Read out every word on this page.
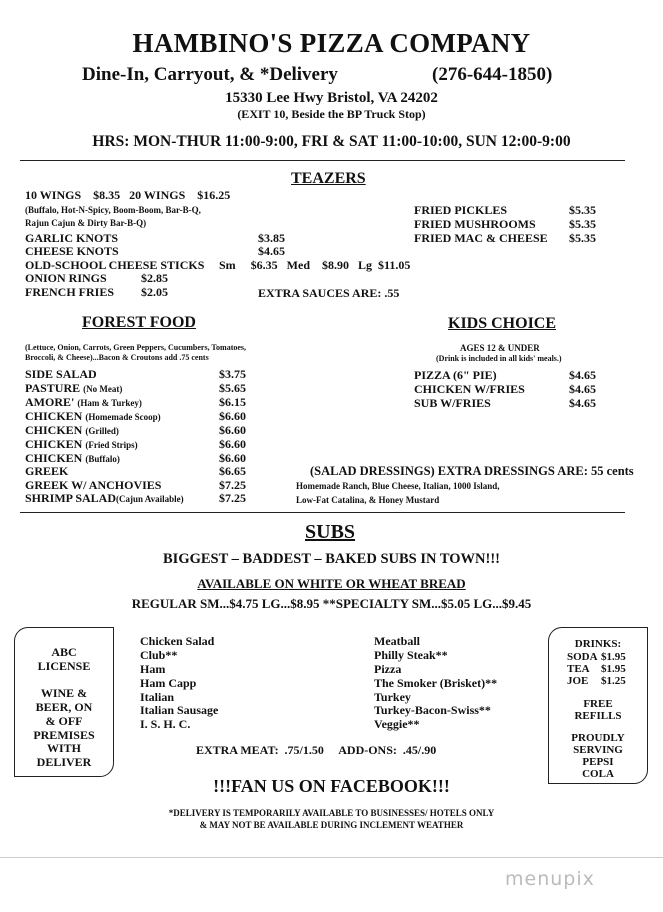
HAMBINO'S PIZZA COMPANY
Dine-In, Carryout, & *Delivery	(276-644-1850)
15330 Lee Hwy Bristol, VA 24202
(EXIT 10, Beside the BP Truck Stop)
HRS: MON-THUR 11:00-9:00, FRI & SAT 11:00-10:00, SUN 12:00-9:00
TEAZERS
10 WINGS    $8.35   20 WINGS    $16.25
(Buffalo, Hot-N-Spicy, Boom-Boom, Bar-B-Q,
Rajun Cajun & Dirty Bar-B-Q)
GARLIC KNOTS	$3.85
CHEESE KNOTS	$4.65
OLD-SCHOOL CHEESE STICKS Sm     $6.35   Med    $8.90   Lg  $11.05
ONION RINGS	$2.85
FRENCH FRIES $2.05	EXTRA SAUCES ARE: .55
FRIED PICKLES	$5.35
FRIED MUSHROOMS	$5.35
FRIED MAC & CHEESE $5.35
FOREST FOOD
(Lettuce, Onion, Carrots, Green Peppers, Cucumbers, Tomatoes,
Broccoli, & Cheese)...Bacon & Croutons add .75 cents
SIDE SALAD	$3.75
PASTURE (No Meat)	$5.65
AMORE' (Ham & Turkey)	$6.15
CHICKEN (Homemade Scoop)	$6.60
CHICKEN (Grilled)	$6.60
CHICKEN (Fried Strips)	$6.60
CHICKEN (Buffalo)	$6.60
GREEK	$6.65
GREEK W/ ANCHOVIES	$7.25
SHRIMP SALAD(Cajun Available)	$7.25
KIDS CHOICE
AGES 12 & UNDER
(Drink is included in all kids' meals.)
PIZZA (6" PIE)	$4.65
CHICKEN W/FRIES	$4.65
SUB W/FRIES	$4.65
(SALAD DRESSINGS) EXTRA DRESSINGS ARE: 55 cents
Homemade Ranch, Blue Cheese, Italian, 1000 Island,
Low-Fat Catalina, & Honey Mustard
SUBS
BIGGEST – BADDEST – BAKED SUBS IN TOWN!!!
AVAILABLE ON WHITE OR WHEAT BREAD
REGULAR SM...$4.75 LG...$8.95 **SPECIALTY SM...$5.05 LG...$9.45
Chicken Salad
Club**
Ham
Ham Capp
Italian
Italian Sausage
I. S. H. C.
Meatball
Philly Steak**
Pizza
The Smoker (Brisket)**
Turkey
Turkey-Bacon-Swiss**
Veggie**
EXTRA MEAT:  .75/1.50     ADD-ONS:  .45/.90
ABC
LICENSE
WINE &
BEER, ON
& OFF
PREMISES
WITH
DELIVER
DRINKS:
SODA $1.95
TEA $1.95
JOE $1.25
FREE
REFILLS
PROUDLY
SERVING
PEPSI
COLA
!!!FAN US ON FACEBOOK!!!
*DELIVERY IS TEMPORARILY AVAILABLE TO BUSINESSES/ HOTELS ONLY
& MAY NOT BE AVAILABLE DURING INCLEMENT WEATHER
menupix
